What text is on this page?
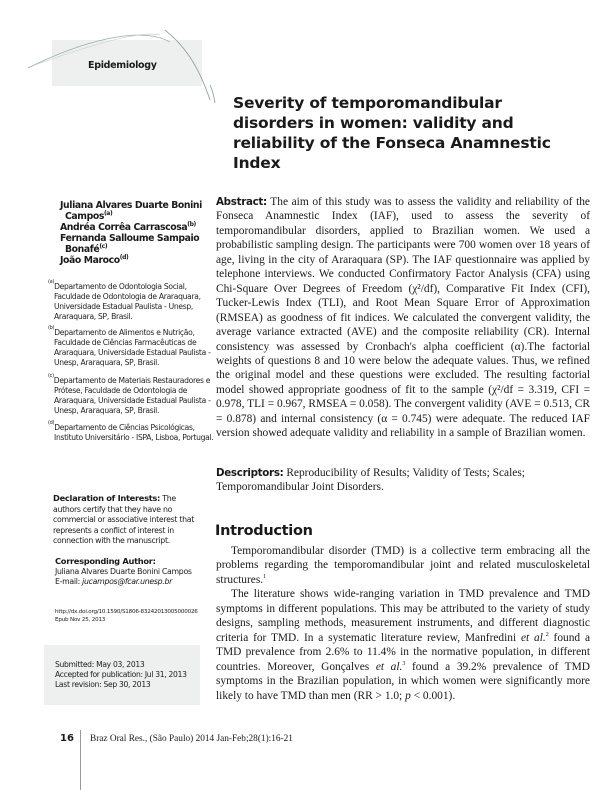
Epidemiology
Severity of temporomandibular disorders in women: validity and reliability of the Fonseca Anamnestic Index
Juliana Alvares Duarte Bonini Campos$^{(a)}$
Andréa Corrêa Carrascosa$^{(b)}$
Fernanda Salloume Sampaio Bonafé$^{(c)}$
João Maroco$^{(d)}$
$^{(a)}$Departamento de Odontologia Social, Faculdade de Odontologia de Araraquara, Universidade Estadual Paulista - Unesp, Araraquara, SP, Brasil.
$^{(b)}$Departamento de Alimentos e Nutrição, Faculdade de Ciências Farmacêuticas de Araraquara, Universidade Estadual Paulista - Unesp, Araraquara, SP, Brasil.
$^{(c)}$Departamento de Materiais Restauradores e Prótese, Faculdade de Odontologia de Araraquara, Universidade Estadual Paulista - Unesp, Araraquara, SP, Brasil.
$^{(d)}$Departamento de Ciências Psicológicas, Instituto Universitário - ISPA, Lisboa, Portugal.
Abstract: The aim of this study was to assess the validity and reliability of the Fonseca Anamnestic Index (IAF), used to assess the severity of temporomandibular disorders, applied to Brazilian women. We used a probabilistic sampling design. The participants were 700 women over 18 years of age, living in the city of Araraquara (SP). The IAF questionnaire was applied by telephone interviews. We conducted Confirmatory Factor Analysis (CFA) using Chi-Square Over Degrees of Freedom (χ²/df), Comparative Fit Index (CFI), Tucker-Lewis Index (TLI), and Root Mean Square Error of Approximation (RMSEA) as goodness of fit indices. We calculated the convergent validity, the average variance extracted (AVE) and the composite reliability (CR). Internal consistency was assessed by Cronbach's alpha coefficient (α).The factorial weights of questions 8 and 10 were below the adequate values. Thus, we refined the original model and these questions were excluded. The resulting factorial model showed appropriate goodness of fit to the sample (χ²/df = 3.319, CFI = 0.978, TLI = 0.967, RMSEA = 0.058). The convergent validity (AVE = 0.513, CR = 0.878) and internal consistency (α = 0.745) were adequate. The reduced IAF version showed adequate validity and reliability in a sample of Brazilian women.
Descriptors: Reproducibility of Results; Validity of Tests; Scales; Temporomandibular Joint Disorders.
Introduction

Temporomandibular disorder (TMD) is a collective term embracing all the problems regarding the temporomandibular joint and related musculoskeletal structures.$^1$

The literature shows wide-ranging variation in TMD prevalence and TMD symptoms in different populations. This may be attributed to the variety of study designs, sampling methods, measurement instruments, and different diagnostic criteria for TMD. In a systematic literature review, Manfredini et al.$^2$ found a TMD prevalence from 2.6% to 11.4% in the normative population, in different countries. Moreover, Gonçalves et al.$^3$ found a 39.2% prevalence of TMD symptoms in the Brazilian population, in which women were significantly more likely to have TMD than men (RR > 1.0; p < 0.001).

Declaration of Interests: The authors certify that they have no commercial or associative interest that represents a conflict of interest in connection with the manuscript.
Corresponding Author:
Juliana Alvares Duarte Bonini Campos
E-mail: jucampos@fcar.unesp.br
http://dx.doi.org/10.1590/S1806-83242013005000026
Epub Nov 25, 2013
Submitted: May 03, 2013
Accepted for publication: Jul 31, 2013
Last revision: Sep 30, 2013
16 Braz Oral Res., (São Paulo) 2014 Jan-Feb;28(1):16-21
